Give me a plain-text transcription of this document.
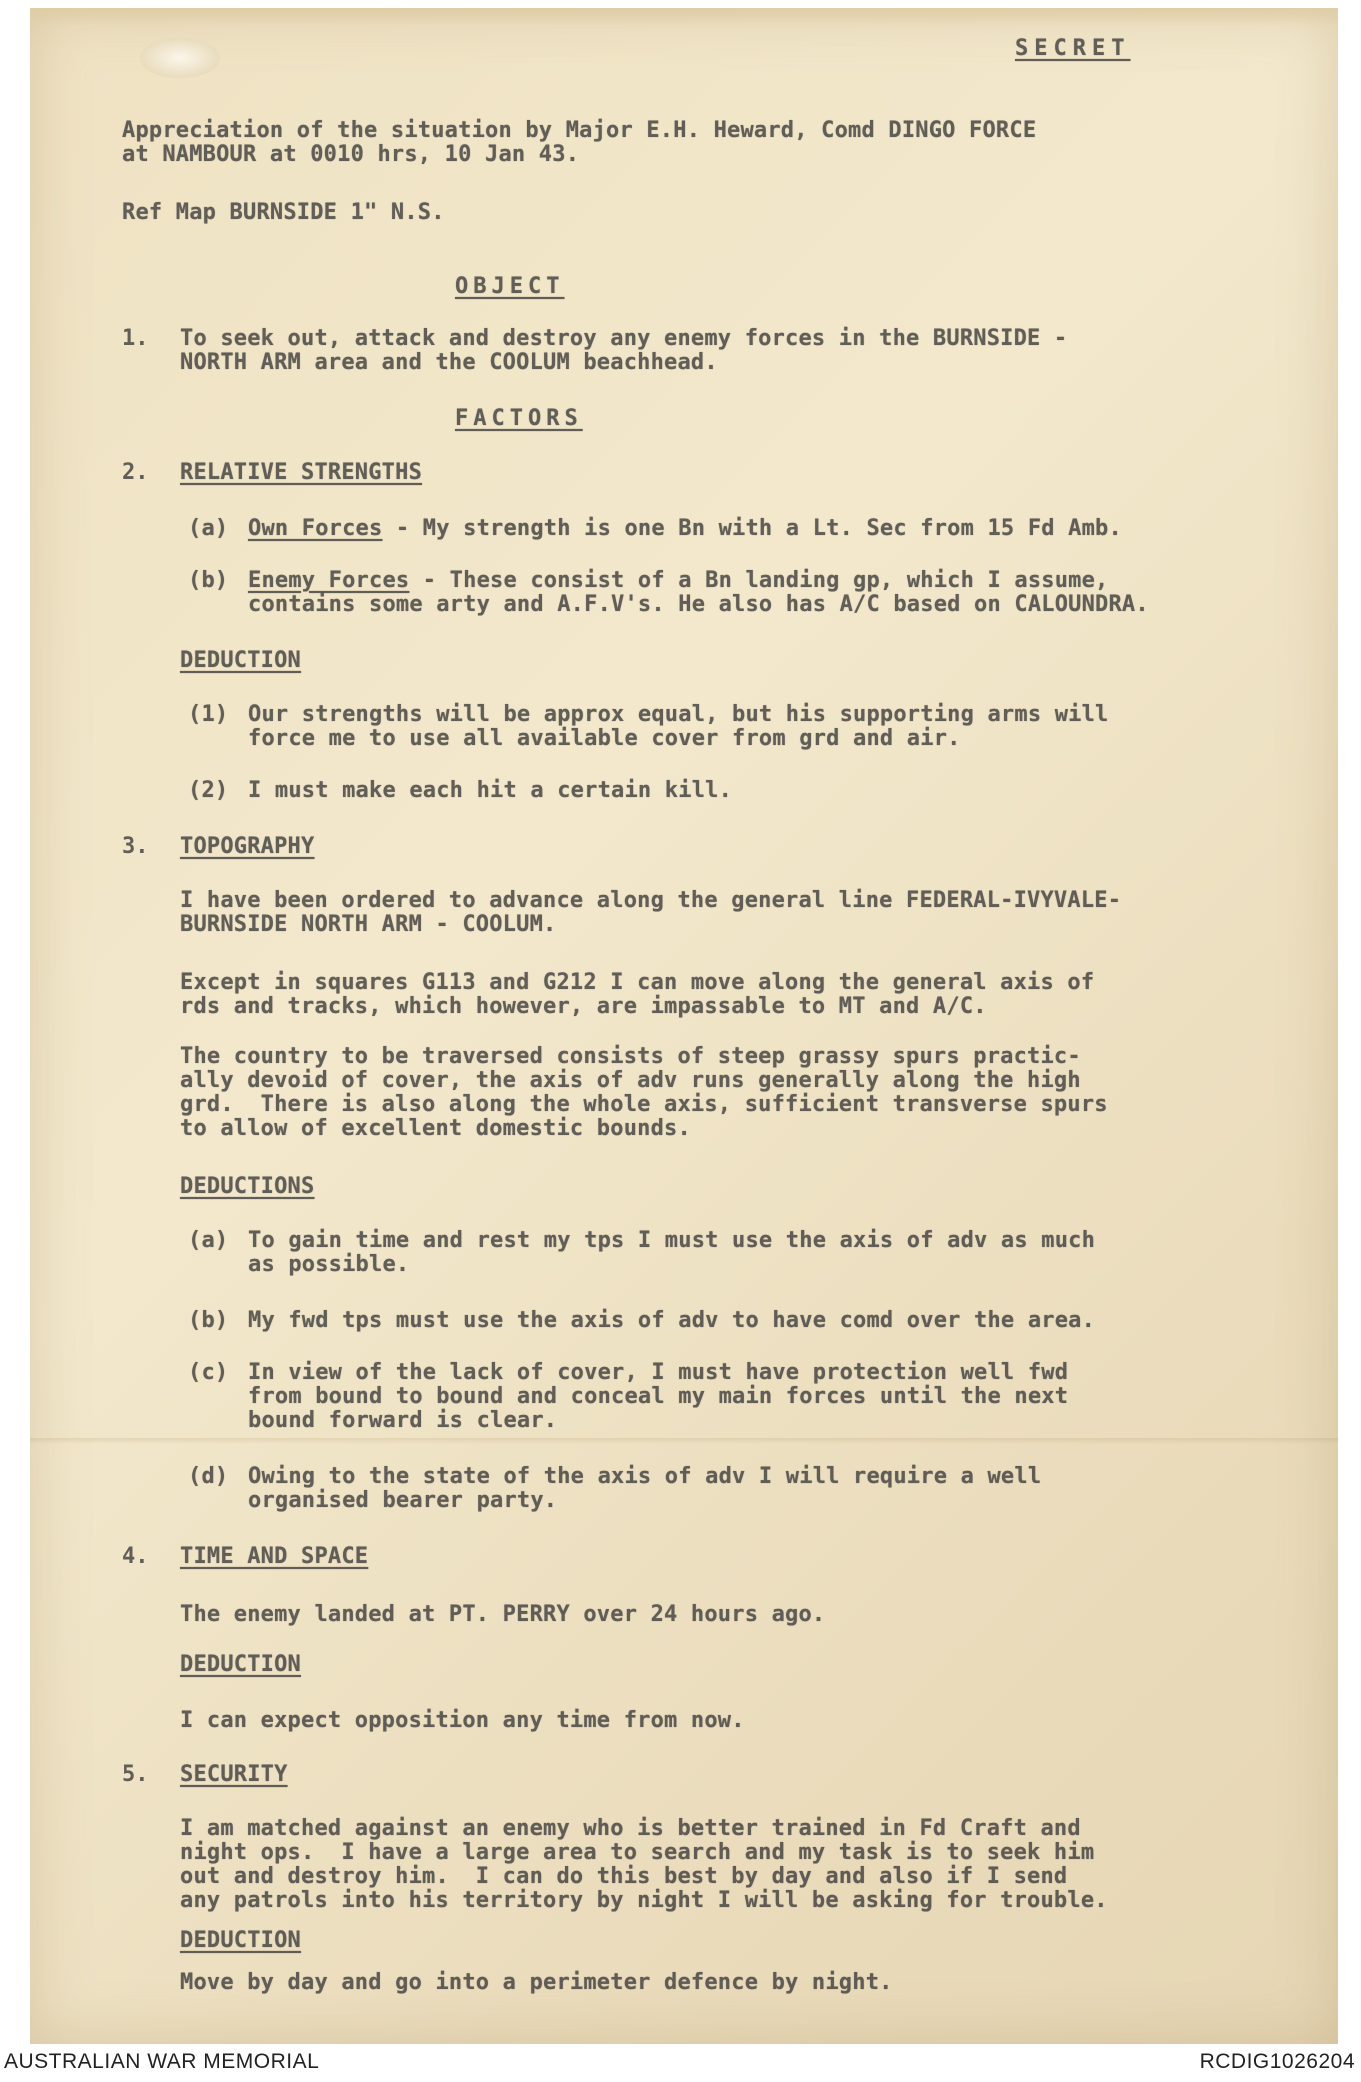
SECRET
Appreciation of the situation by Major E.H. Heward, Comd DINGO FORCE
at NAMBOUR at 0010 hrs, 10 Jan 43.
Ref Map BURNSIDE 1" N.S.
OBJECT
1. To seek out, attack and destroy any enemy forces in the BURNSIDE -
NORTH ARM area and the COOLUM beachhead.
FACTORS
2. RELATIVE STRENGTHS
(a) Own Forces - My strength is one Bn with a Lt. Sec from 15 Fd Amb.
(b) Enemy Forces - These consist of a Bn landing gp, which I assume,
contains some arty and A.F.V's. He also has A/C based on CALOUNDRA.
DEDUCTION
(1) Our strengths will be approx equal, but his supporting arms will
force me to use all available cover from grd and air.
(2) I must make each hit a certain kill.
3. TOPOGRAPHY
I have been ordered to advance along the general line FEDERAL-IVYVALE-
BURNSIDE NORTH ARM - COOLUM.
Except in squares G113 and G212 I can move along the general axis of
rds and tracks, which however, are impassable to MT and A/C.
The country to be traversed consists of steep grassy spurs practic-
ally devoid of cover, the axis of adv runs generally along the high
grd.  There is also along the whole axis, sufficient transverse spurs
to allow of excellent domestic bounds.
DEDUCTIONS
(a) To gain time and rest my tps I must use the axis of adv as much
as possible.
(b) My fwd tps must use the axis of adv to have comd over the area.
(c) In view of the lack of cover, I must have protection well fwd
from bound to bound and conceal my main forces until the next
bound forward is clear.
(d) Owing to the state of the axis of adv I will require a well
organised bearer party.
4. TIME AND SPACE
The enemy landed at PT. PERRY over 24 hours ago.
DEDUCTION
I can expect opposition any time from now.
5. SECURITY
I am matched against an enemy who is better trained in Fd Craft and
night ops.  I have a large area to search and my task is to seek him
out and destroy him.  I can do this best by day and also if I send
any patrols into his territory by night I will be asking for trouble.
DEDUCTION
Move by day and go into a perimeter defence by night.
AUSTRALIAN WAR MEMORIAL	RCDIG1026204
